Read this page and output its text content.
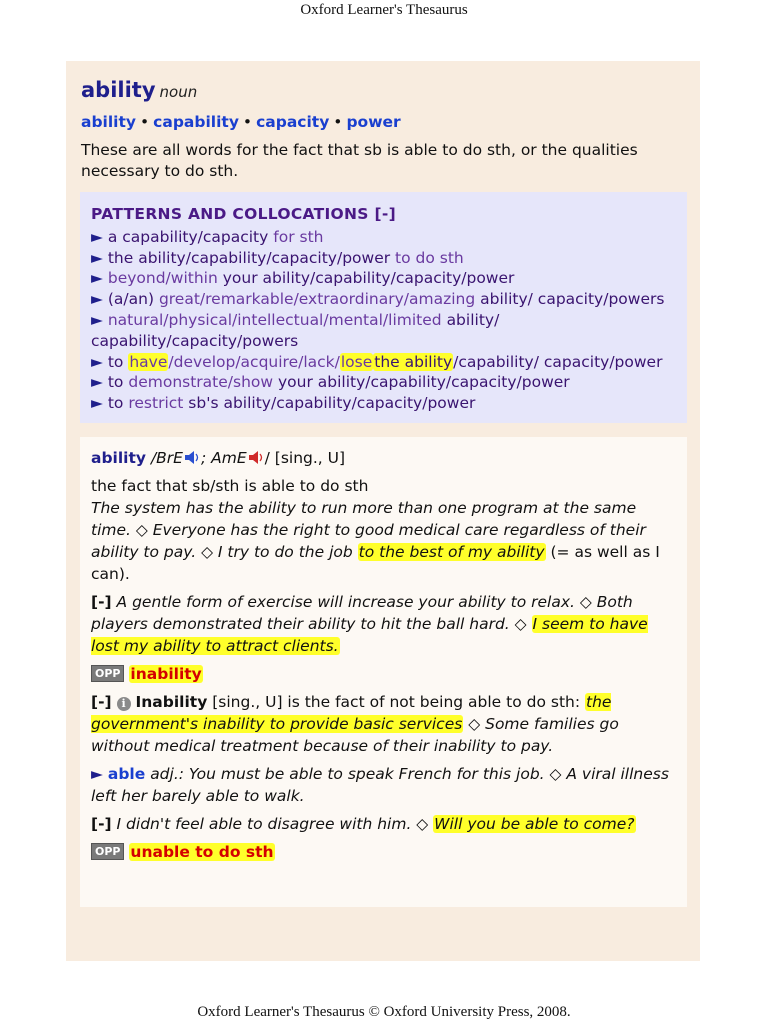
Oxford Learner's Thesaurus
ability noun
ability • capability • capacity • power
These are all words for the fact that sb is able to do sth, or the qualities necessary to do sth.
PATTERNS AND COLLOCATIONS [-]
► a capability/capacity for sth
► the ability/capability/capacity/power to do sth
► beyond/within your ability/capability/capacity/power
► (a/an) great/remarkable/extraordinary/amazing ability/ capacity/powers
► natural/physical/intellectual/mental/limited ability/ capability/capacity/powers
► to have/develop/acquire/lack/lose the ability/capability/ capacity/power
► to demonstrate/show your ability/capability/capacity/power
► to restrict sb's ability/capability/capacity/power

ability /BrE ; AmE / [sing., U]

the fact that sb/sth is able to do sth

The system has the ability to run more than one program at the same time. ◇ Everyone has the right to good medical care regardless of their ability to pay. ◇ I try to do the job to the best of my ability (= as well as I can).

[-] A gentle form of exercise will increase your ability to relax. ◇ Both players demonstrated their ability to hit the ball hard. ◇ I seem to have lost my ability to attract clients.

OPP inability

[-] i Inability [sing., U] is the fact of not being able to do sth: the government's inability to provide basic services ◇ Some families go without medical treatment because of their inability to pay.

► able adj.: You must be able to speak French for this job. ◇ A viral illness left her barely able to walk.

[-] I didn't feel able to disagree with him. ◇ Will you be able to come?

OPP unable to do sth

Oxford Learner's Thesaurus © Oxford University Press, 2008.
